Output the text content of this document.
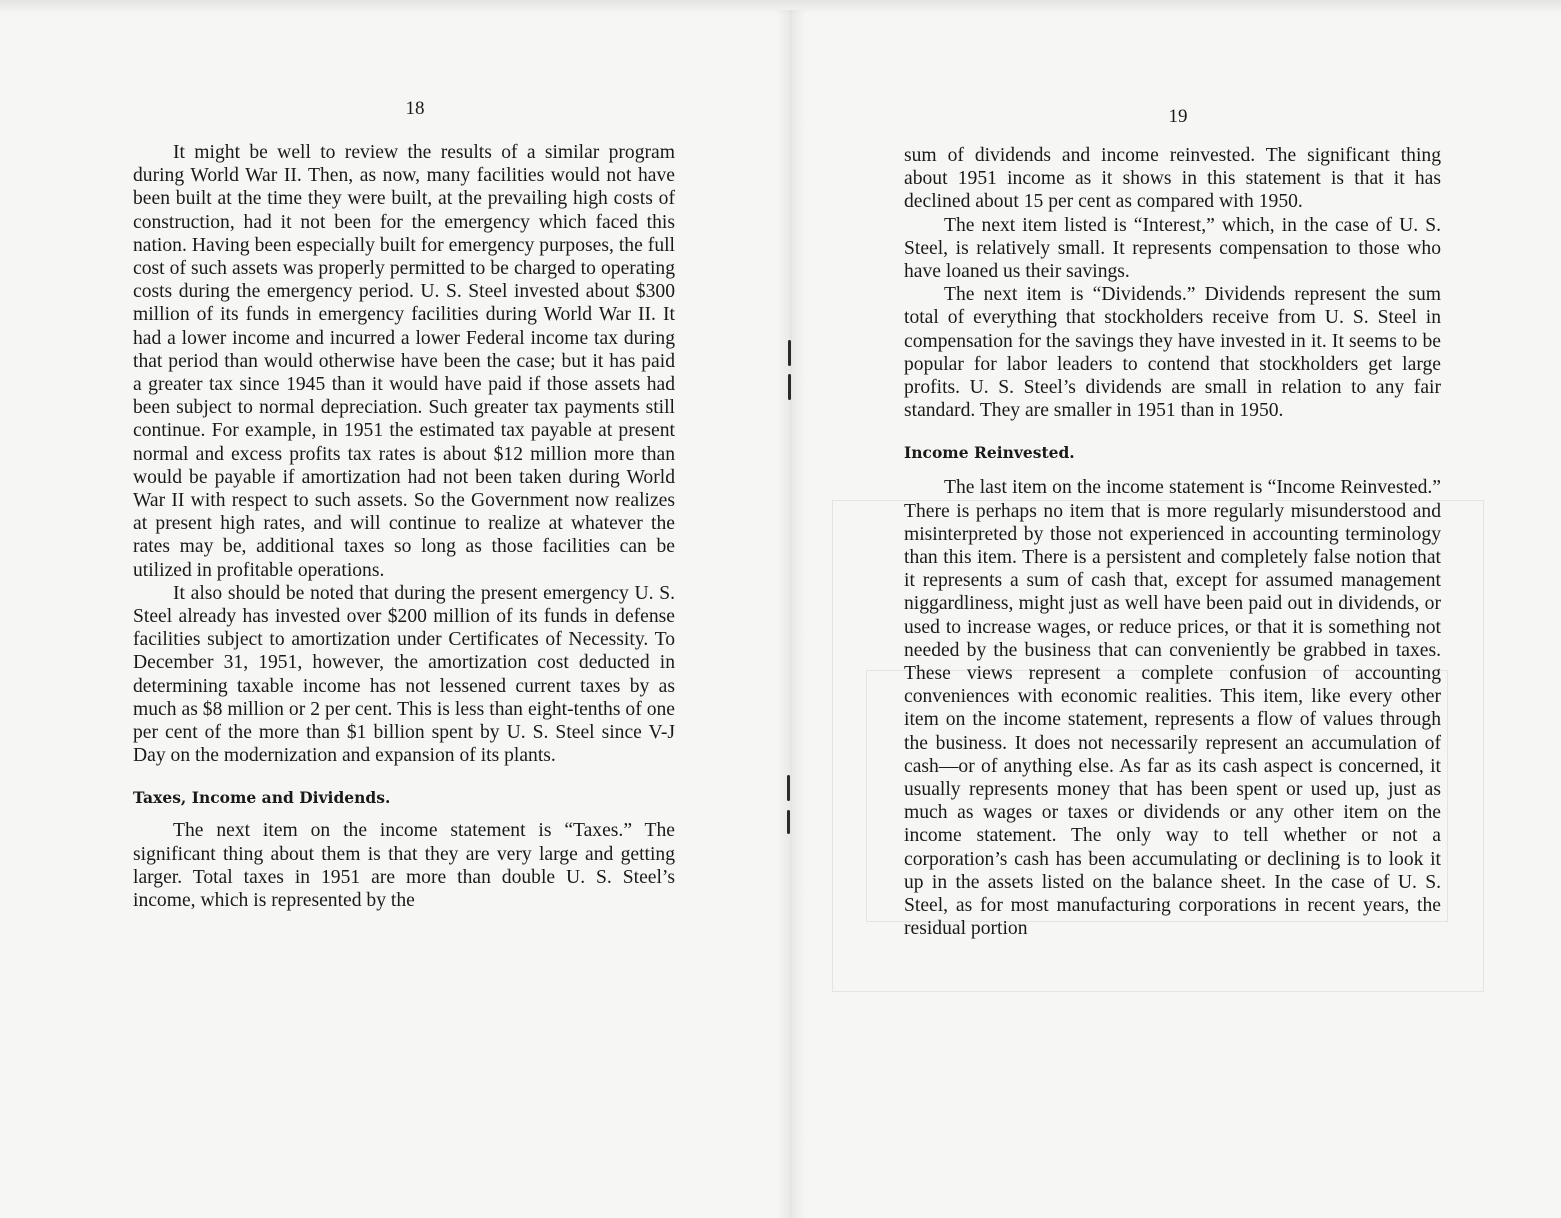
18

It might be well to review the results of a similar program during World War II. Then, as now, many facilities would not have been built at the time they were built, at the prevailing high costs of construction, had it not been for the emergency which faced this nation. Having been especially built for emergency purposes, the full cost of such assets was properly permitted to be charged to operating costs during the emergency period. U. S. Steel invested about $300 million of its funds in emergency facilities during World War II. It had a lower income and incurred a lower Federal income tax during that period than would otherwise have been the case; but it has paid a greater tax since 1945 than it would have paid if those assets had been subject to normal depreciation. Such greater tax payments still continue. For example, in 1951 the estimated tax payable at present normal and excess profits tax rates is about $12 million more than would be payable if amortization had not been taken during World War II with respect to such assets. So the Government now realizes at present high rates, and will continue to realize at whatever the rates may be, additional taxes so long as those facilities can be utilized in profitable operations.

It also should be noted that during the present emergency U. S. Steel already has invested over $200 million of its funds in defense facilities subject to amortization under Certificates of Necessity. To December 31, 1951, however, the amortization cost deducted in determining taxable income has not lessened current taxes by as much as $8 million or 2 per cent. This is less than eight-tenths of one per cent of the more than $1 billion spent by U. S. Steel since V-J Day on the modernization and expansion of its plants.

Taxes, Income and Dividends.

The next item on the income statement is “Taxes.” The significant thing about them is that they are very large and getting larger. Total taxes in 1951 are more than double U. S. Steel’s income, which is represented by the

19

sum of dividends and income reinvested. The significant thing about 1951 income as it shows in this statement is that it has declined about 15 per cent as compared with 1950.

The next item listed is “Interest,” which, in the case of U. S. Steel, is relatively small. It represents compensation to those who have loaned us their savings.

The next item is “Dividends.” Dividends represent the sum total of everything that stockholders receive from U. S. Steel in compensation for the savings they have invested in it. It seems to be popular for labor leaders to contend that stockholders get large profits. U. S. Steel’s dividends are small in relation to any fair standard. They are smaller in 1951 than in 1950.

Income Reinvested.

The last item on the income statement is “Income Reinvested.” There is perhaps no item that is more regularly misunderstood and misinterpreted by those not experienced in accounting terminology than this item. There is a persistent and completely false notion that it represents a sum of cash that, except for assumed management niggardliness, might just as well have been paid out in dividends, or used to increase wages, or reduce prices, or that it is something not needed by the business that can conveniently be grabbed in taxes. These views represent a complete confusion of accounting conveniences with economic realities. This item, like every other item on the income statement, represents a flow of values through the business. It does not necessarily represent an accumulation of cash—or of anything else. As far as its cash aspect is concerned, it usually represents money that has been spent or used up, just as much as wages or taxes or dividends or any other item on the income statement. The only way to tell whether or not a corporation’s cash has been accumulating or declining is to look it up in the assets listed on the balance sheet. In the case of U. S. Steel, as for most manufacturing corporations in recent years, the residual portion
